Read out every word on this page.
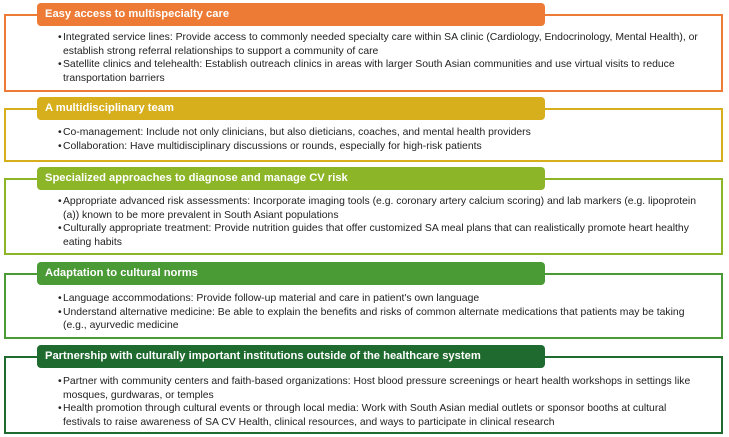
Easy access to multispecialty care
• Integrated service lines: Provide access to commonly needed specialty care within SA clinic (Cardiology, Endocrinology, Mental Health), or establish strong referral relationships to support a community of care
• Satellite clinics and telehealth: Establish outreach clinics in areas with larger South Asian communities and use virtual visits to reduce transportation barriers
A multidisciplinary team
• Co-management: Include not only clinicians, but also dieticians, coaches, and mental health providers
• Collaboration: Have multidisciplinary discussions or rounds, especially for high-risk patients
Specialized approaches to diagnose and manage CV risk
• Appropriate advanced risk assessments: Incorporate imaging tools (e.g. coronary artery calcium scoring) and lab markers (e.g. lipoprotein (a)) known to be more prevalent in South Asiant populations
• Culturally appropriate treatment: Provide nutrition guides that offer customized SA meal plans that can realistically promote heart healthy eating habits
Adaptation to cultural norms
• Language accommodations: Provide follow-up material and care in patient's own language
• Understand alternative medicine: Be able to explain the benefits and risks of common alternate medications that patients may be taking (e.g., ayurvedic medicine
Partnership with culturally important institutions outside of the healthcare system
• Partner with community centers and faith-based organizations: Host blood pressure screenings or heart health workshops in settings like mosques, gurdwaras, or temples
• Health promotion through cultural events or through local media: Work with South Asian medial outlets or sponsor booths at cultural festivals to raise awareness of SA CV Health, clinical resources, and ways to participate in clinical research
